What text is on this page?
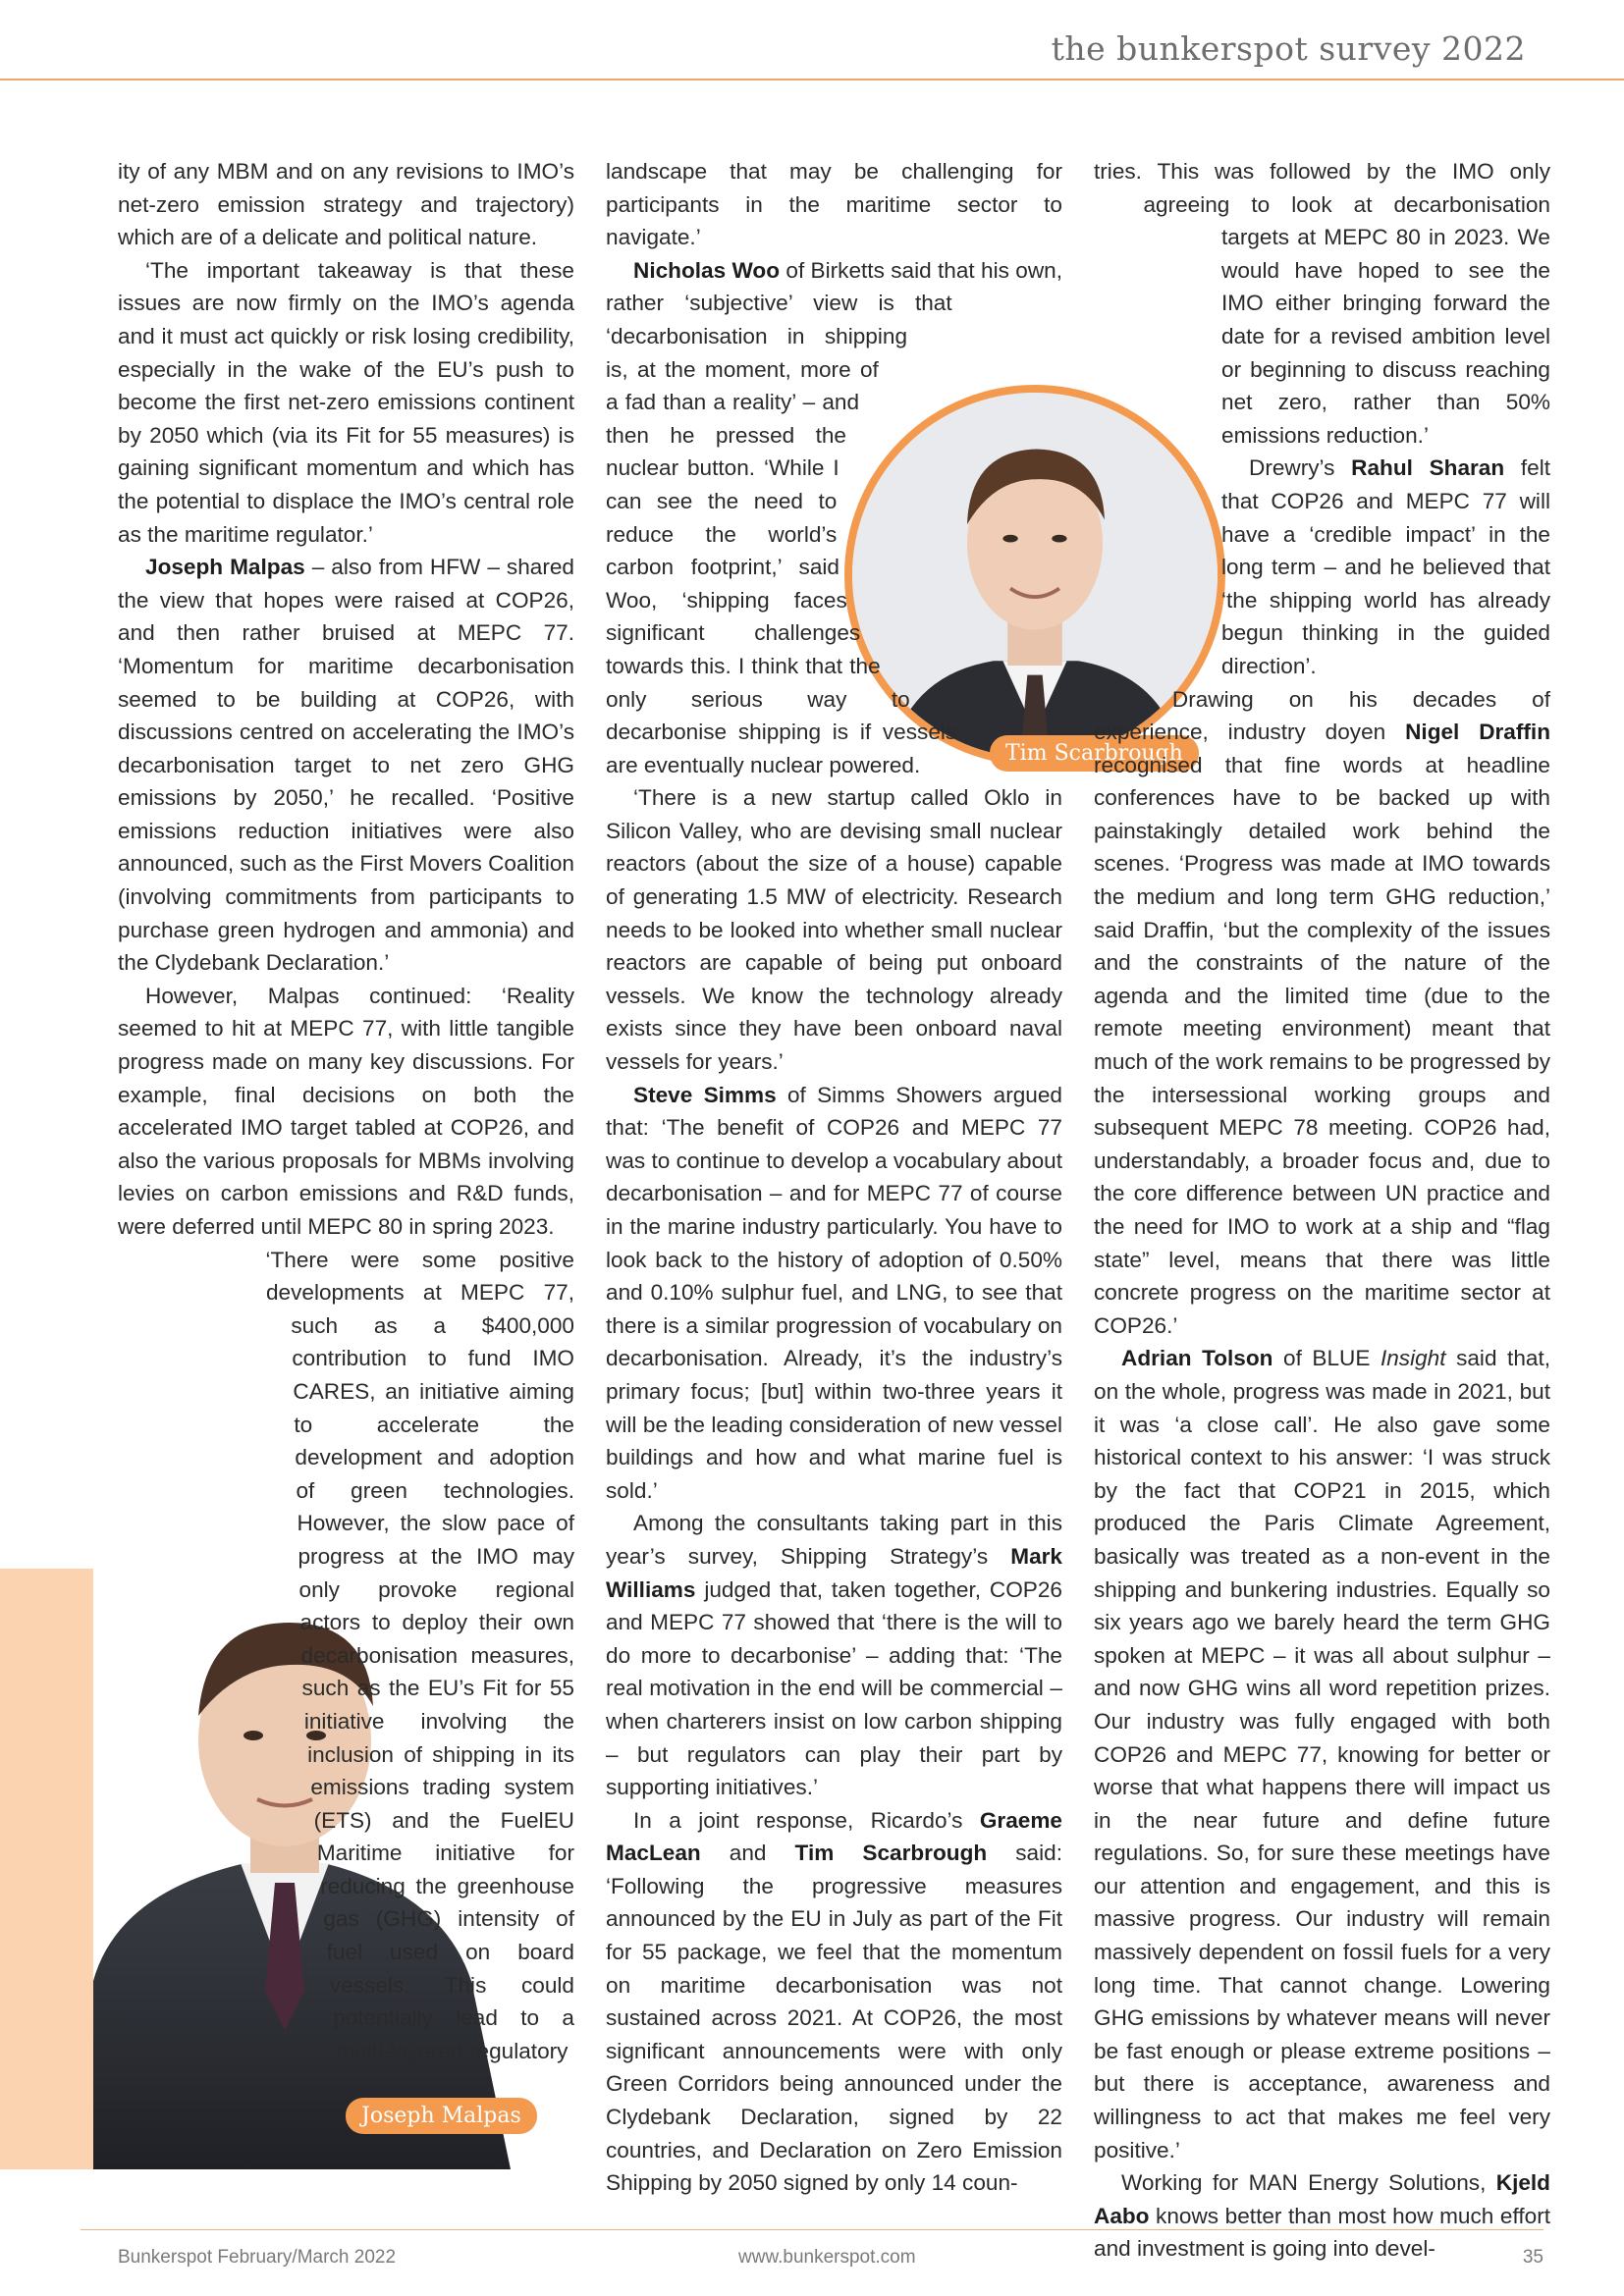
the bunkerspot survey 2022
Joseph Malpas
Tim Scarbrough

ity of any MBM and on any revisions to IMO’s net-zero emission strategy and trajectory) which are of a delicate and political nature.

‘The important takeaway is that these issues are now firmly on the IMO’s agenda and it must act quickly or risk losing credibility, especially in the wake of the EU’s push to become the first net-zero emissions continent by 2050 which (via its Fit for 55 measures) is gaining significant momentum and which has the potential to displace the IMO’s central role as the maritime regulator.’

Joseph Malpas – also from HFW – shared the view that hopes were raised at COP26, and then rather bruised at MEPC 77. ‘Momentum for maritime decarbonisation seemed to be building at COP26, with discussions centred on accelerating the IMO’s decarbonisation target to net zero GHG emissions by 2050,’ he recalled. ‘Positive emissions reduction initiatives were also announced, such as the First Movers Coalition (involving commitments from participants to purchase green hydrogen and ammonia) and the Clydebank Declaration.’

However, Malpas continued: ‘Reality seemed to hit at MEPC 77, with little tangible progress made on many key discussions. For example, final decisions on both the accelerated IMO target tabled at COP26, and also the various proposals for MBMs involving levies on carbon emissions and R&D funds, were deferred until MEPC 80 in spring 2023.

‘There were some positive developments at MEPC 77, such as a $400,000 contribution to fund IMO CARES, an initiative aiming to accelerate the development and adoption of green technologies. However, the slow pace of progress at the IMO may only provoke regional actors to deploy their own decarbonisation measures, such as the EU’s Fit for 55 initiative involving the inclusion of shipping in its emissions trading system (ETS) and the FuelEU Maritime initiative for reducing the greenhouse gas (GHG) intensity of fuel used on board vessels. This could potentially lead to a multi-layered regulatory

landscape that may be challenging for participants in the maritime sector to navigate.’

Nicholas Woo of Birketts said that his own, rather ‘subjective’ view is that ‘decarbonisation in shipping is, at the moment, more of a fad than a reality’ – and then he pressed the nuclear button. ‘While I can see the need to reduce the world’s carbon footprint,’ said Woo, ‘shipping faces significant challenges towards this. I think that the only serious way to decarbonise shipping is if vessels are eventually nuclear powered.

‘There is a new startup called Oklo in Silicon Valley, who are devising small nuclear reactors (about the size of a house) capable of generating 1.5 MW of electricity. Research needs to be looked into whether small nuclear reactors are capable of being put onboard vessels. We know the technology already exists since they have been onboard naval vessels for years.’

Steve Simms of Simms Showers argued that: ‘The benefit of COP26 and MEPC 77 was to continue to develop a vocabulary about decarbonisation – and for MEPC 77 of course in the marine industry particularly. You have to look back to the history of adoption of 0.50% and 0.10% sulphur fuel, and LNG, to see that there is a similar progression of vocabulary on decarbonisation. Already, it’s the industry’s primary focus; [but] within two-three years it will be the leading consideration of new vessel buildings and how and what marine fuel is sold.’

Among the consultants taking part in this year’s survey, Shipping Strategy’s Mark Williams judged that, taken together, COP26 and MEPC 77 showed that ‘there is the will to do more to decarbonise’ – adding that: ‘The real motivation in the end will be commercial – when charterers insist on low carbon shipping – but regulators can play their part by supporting initiatives.’

In a joint response, Ricardo’s Graeme MacLean and Tim Scarbrough said: ‘Following the progressive measures announced by the EU in July as part of the Fit for 55 package, we feel that the momentum on maritime decarbonisation was not sustained across 2021. At COP26, the most significant announcements were with only Green Corridors being announced under the Clydebank Declaration, signed by 22 countries, and Declaration on Zero Emission Shipping by 2050 signed by only 14 coun-

tries. This was followed by the IMO only agreeing to look at decarbonisation targets at MEPC 80 in 2023. We would have hoped to see the IMO either bringing forward the date for a revised ambition level or beginning to discuss reaching net zero, rather than 50% emissions reduction.’

Drewry’s Rahul Sharan felt that COP26 and MEPC 77 will have a ‘credible impact’ in the long term – and he believed that ‘the shipping world has already begun thinking in the guided direction’.

Drawing on his decades of experience, industry doyen Nigel Draffin recognised that fine words at headline conferences have to be backed up with painstakingly detailed work behind the scenes. ‘Progress was made at IMO towards the medium and long term GHG reduction,’ said Draffin, ‘but the complexity of the issues and the constraints of the nature of the agenda and the limited time (due to the remote meeting environment) meant that much of the work remains to be progressed by the intersessional working groups and subsequent MEPC 78 meeting. COP26 had, understandably, a broader focus and, due to the core difference between UN practice and the need for IMO to work at a ship and “flag state” level, means that there was little concrete progress on the maritime sector at COP26.’

Adrian Tolson of BLUE Insight said that, on the whole, progress was made in 2021, but it was ‘a close call’. He also gave some historical context to his answer: ‘I was struck by the fact that COP21 in 2015, which produced the Paris Climate Agreement, basically was treated as a non-event in the shipping and bunkering industries. Equally so six years ago we barely heard the term GHG spoken at MEPC – it was all about sulphur – and now GHG wins all word repetition prizes. Our industry was fully engaged with both COP26 and MEPC 77, knowing for better or worse that what happens there will impact us in the near future and define future regulations. So, for sure these meetings have our attention and engagement, and this is massive progress. Our industry will remain massively dependent on fossil fuels for a very long time. That cannot change. Lowering GHG emissions by whatever means will never be fast enough or please extreme positions – but there is acceptance, awareness and willingness to act that makes me feel very positive.’

Working for MAN Energy Solutions, Kjeld Aabo knows better than most how much effort and investment is going into devel-

Bunkerspot February/March 2022	www.bunkerspot.com	35
